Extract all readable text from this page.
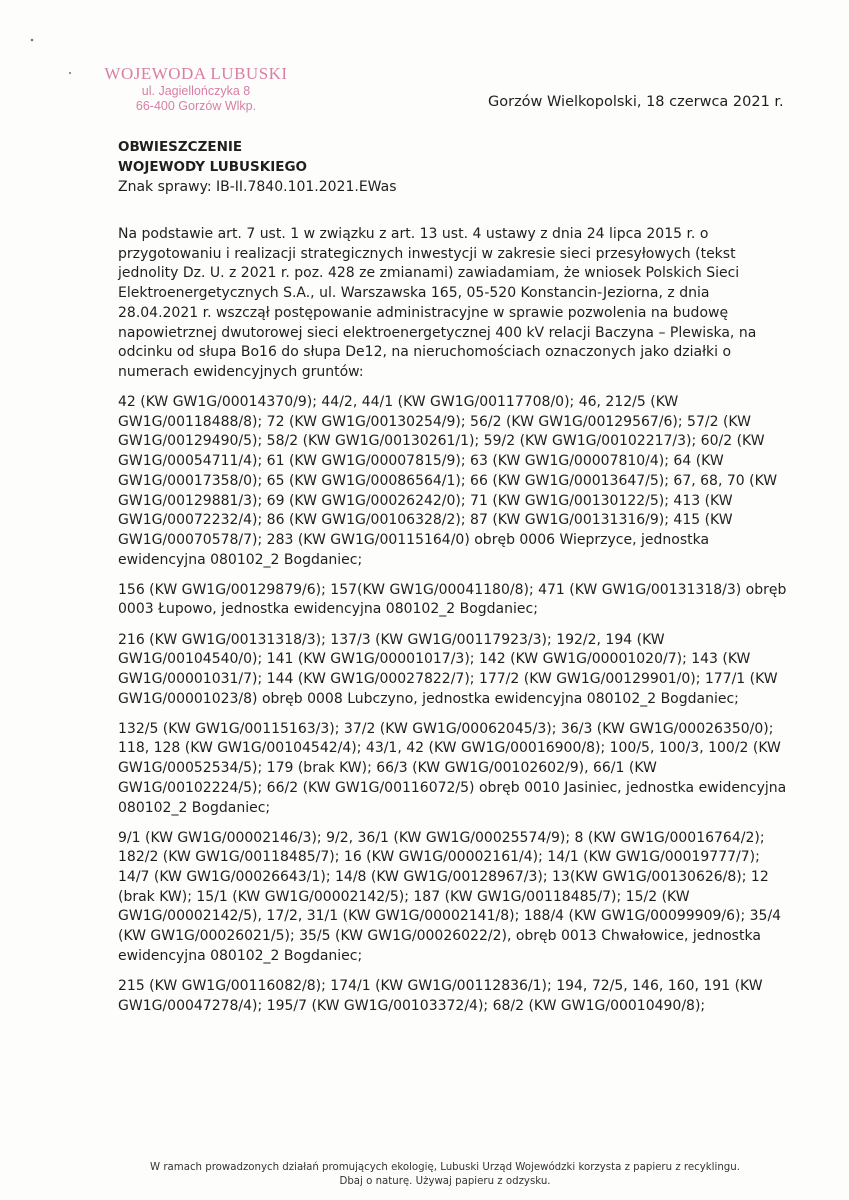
WOJEWODA LUBUSKI
ul. Jagiellończyka 8
66-400 Gorzów Wlkp.	Gorzów Wielkopolski, 18 czerwca 2021 r.
OBWIESZCZENIE
WOJEWODY LUBUSKIEGO
Znak sprawy: IB-II.7840.101.2021.EWas

Na podstawie art. 7 ust. 1 w związku z art. 13 ust. 4 ustawy z dnia 24 lipca 2015 r. o przygotowaniu i realizacji strategicznych inwestycji w zakresie sieci przesyłowych (tekst jednolity Dz. U. z 2021 r. poz. 428 ze zmianami) zawiadamiam, że wniosek Polskich Sieci Elektroenergetycznych S.A., ul. Warszawska 165, 05-520 Konstancin-Jeziorna, z dnia 28.04.2021 r. wszczął postępowanie administracyjne w sprawie pozwolenia na budowę napowietrznej dwutorowej sieci elektroenergetycznej 400 kV relacji Baczyna – Plewiska, na odcinku od słupa Bo16 do słupa De12, na nieruchomościach oznaczonych jako działki o numerach ewidencyjnych gruntów:

42 (KW GW1G/00014370/9); 44/2, 44/1 (KW GW1G/00117708/0); 46, 212/5 (KW GW1G/00118488/8); 72 (KW GW1G/00130254/9); 56/2 (KW GW1G/00129567/6); 57/2 (KW GW1G/00129490/5); 58/2 (KW GW1G/00130261/1); 59/2 (KW GW1G/00102217/3); 60/2 (KW GW1G/00054711/4); 61 (KW GW1G/00007815/9); 63 (KW GW1G/00007810/4); 64 (KW GW1G/00017358/0); 65 (KW GW1G/00086564/1); 66 (KW GW1G/00013647/5); 67, 68, 70 (KW GW1G/00129881/3); 69 (KW GW1G/00026242/0); 71 (KW GW1G/00130122/5); 413 (KW GW1G/00072232/4); 86 (KW GW1G/00106328/2); 87 (KW GW1G/00131316/9); 415 (KW GW1G/00070578/7); 283 (KW GW1G/00115164/0) obręb 0006 Wieprzyce, jednostka ewidencyjna 080102_2 Bogdaniec;

156 (KW GW1G/00129879/6); 157(KW GW1G/00041180/8); 471 (KW GW1G/00131318/3) obręb 0003 Łupowo, jednostka ewidencyjna 080102_2 Bogdaniec;

216 (KW GW1G/00131318/3); 137/3 (KW GW1G/00117923/3); 192/2, 194 (KW GW1G/00104540/0); 141 (KW GW1G/00001017/3); 142 (KW GW1G/00001020/7); 143 (KW GW1G/00001031/7); 144 (KW GW1G/00027822/7); 177/2 (KW GW1G/00129901/0); 177/1 (KW GW1G/00001023/8) obręb 0008 Lubczyno, jednostka ewidencyjna 080102_2 Bogdaniec;

132/5 (KW GW1G/00115163/3); 37/2 (KW GW1G/00062045/3); 36/3 (KW GW1G/00026350/0); 118, 128 (KW GW1G/00104542/4); 43/1, 42 (KW GW1G/00016900/8); 100/5, 100/3, 100/2 (KW GW1G/00052534/5); 179 (brak KW); 66/3 (KW GW1G/00102602/9), 66/1 (KW GW1G/00102224/5); 66/2 (KW GW1G/00116072/5) obręb 0010 Jasiniec, jednostka ewidencyjna 080102_2 Bogdaniec;

9/1 (KW GW1G/00002146/3); 9/2, 36/1 (KW GW1G/00025574/9); 8 (KW GW1G/00016764/2); 182/2 (KW GW1G/00118485/7); 16 (KW GW1G/00002161/4); 14/1 (KW GW1G/00019777/7); 14/7 (KW GW1G/00026643/1); 14/8 (KW GW1G/00128967/3); 13(KW GW1G/00130626/8); 12 (brak KW); 15/1 (KW GW1G/00002142/5); 187 (KW GW1G/00118485/7); 15/2 (KW GW1G/00002142/5), 17/2, 31/1 (KW GW1G/00002141/8); 188/4 (KW GW1G/00099909/6); 35/4 (KW GW1G/00026021/5); 35/5 (KW GW1G/00026022/2), obręb 0013 Chwałowice, jednostka ewidencyjna 080102_2 Bogdaniec;

215 (KW GW1G/00116082/8); 174/1 (KW GW1G/00112836/1); 194, 72/5, 146, 160, 191 (KW GW1G/00047278/4); 195/7 (KW GW1G/00103372/4); 68/2 (KW GW1G/00010490/8);

W ramach prowadzonych działań promujących ekologię, Lubuski Urząd Wojewódzki korzysta z papieru z recyklingu.
Dbaj o naturę. Używaj papieru z odzysku.
